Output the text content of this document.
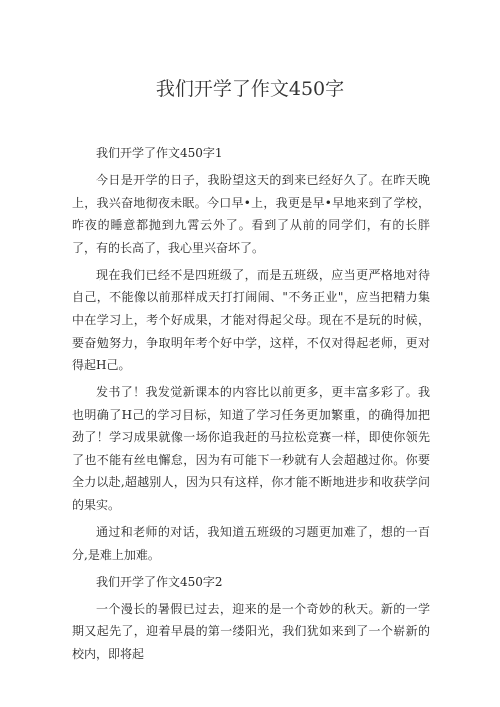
我们开学了作文450字

我们开学了作文450字1

今日是开学的日子，我盼望这天的到来已经好久了。在昨天晚上，我兴奋地彻夜未眠。今口早•上，我更是早•早地来到了学校，昨夜的睡意都抛到九霄云外了。看到了从前的同学们，有的长胖了，有的长高了，我心里兴奋坏了。

现在我们已经不是四班级了，而是五班级，应当更严格地对待自己，不能像以前那样成天打打闹闹、"不务正业"，应当把精力集中在学习上，考个好成果，才能对得起父母。现在不是玩的时候，要奋勉努力，争取明年考个好中学，这样，不仅对得起老师，更对得起H己。

发书了！我发觉新课本的内容比以前更多，更丰富多彩了。我也明确了H己的学习目标，知道了学习任务更加繁重，的确得加把劲了！学习成果就像一场你追我赶的马拉松竞赛一样，即使你领先了也不能有丝电懈怠，因为有可能下一秒就有人会超越过你。你要全力以赴,超越别人，因为只有这样，你才能不断地进步和收获学问的果实。

通过和老师的对话，我知道五班级的习题更加难了，想的一百分,是难上加难。

我们开学了作文450字2

一个漫长的暑假已过去，迎来的是一个奇妙的秋天。新的一学期又起先了，迎着早晨的第一缕阳光，我们犹如来到了一个崭新的校内，即将起
